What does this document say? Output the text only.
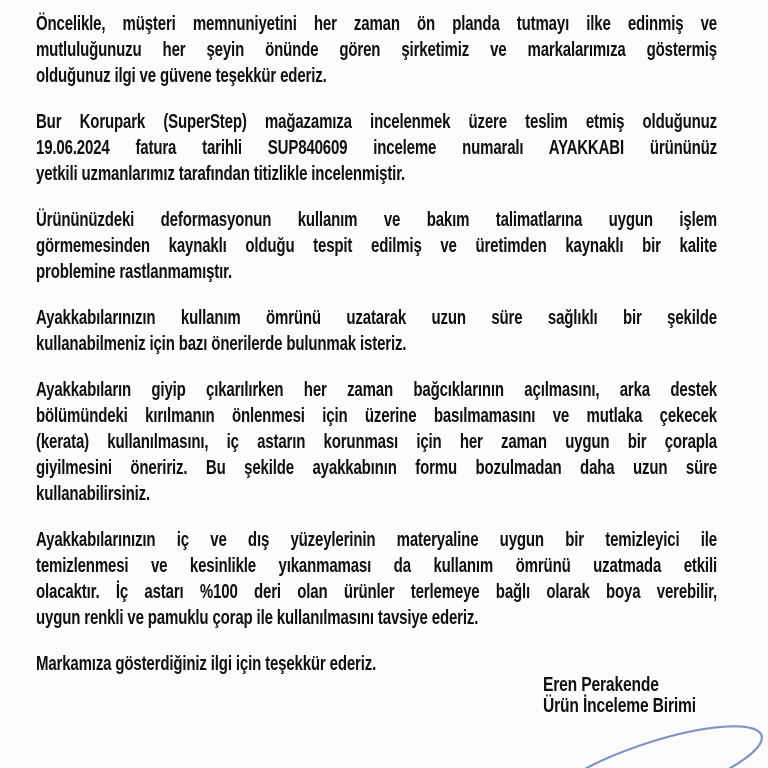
Öncelikle, müşteri memnuniyetini her zaman ön planda tutmayı ilke edinmiş ve
mutluluğunuzu her şeyin önünde gören şirketimiz ve markalarımıza göstermiş
olduğunuz ilgi ve güvene teşekkür ederiz.
Bur Korupark (SuperStep) mağazamıza incelenmek üzere teslim etmiş olduğunuz
19.06.2024 fatura tarihli SUP840609 inceleme numaralı AYAKKABI ürününüz
yetkili uzmanlarımız tarafından titizlikle incelenmiştir.
Ürününüzdeki deformasyonun kullanım ve bakım talimatlarına uygun işlem
görmemesinden kaynaklı olduğu tespit edilmiş ve üretimden kaynaklı bir kalite
problemine rastlanmamıştır.
Ayakkabılarınızın kullanım ömrünü uzatarak uzun süre sağlıklı bir şekilde
kullanabilmeniz için bazı önerilerde bulunmak isteriz.
Ayakkabıların giyip çıkarılırken her zaman bağcıklarının açılmasını, arka destek
bölümündeki kırılmanın önlenmesi için üzerine basılmamasını ve mutlaka çekecek
(kerata) kullanılmasını, iç astarın korunması için her zaman uygun bir çorapla
giyilmesini öneririz. Bu şekilde ayakkabının formu bozulmadan daha uzun süre
kullanabilirsiniz.
Ayakkabılarınızın iç ve dış yüzeylerinin materyaline uygun bir temizleyici ile
temizlenmesi ve kesinlikle yıkanmaması da kullanım ömrünü uzatmada etkili
olacaktır. İç astarı %100 deri olan ürünler terlemeye bağlı olarak boya verebilir,
uygun renkli ve pamuklu çorap ile kullanılmasını tavsiye ederiz.
Markamıza gösterdiğiniz ilgi için teşekkür ederiz.
Eren Perakende
Ürün İnceleme Birimi
